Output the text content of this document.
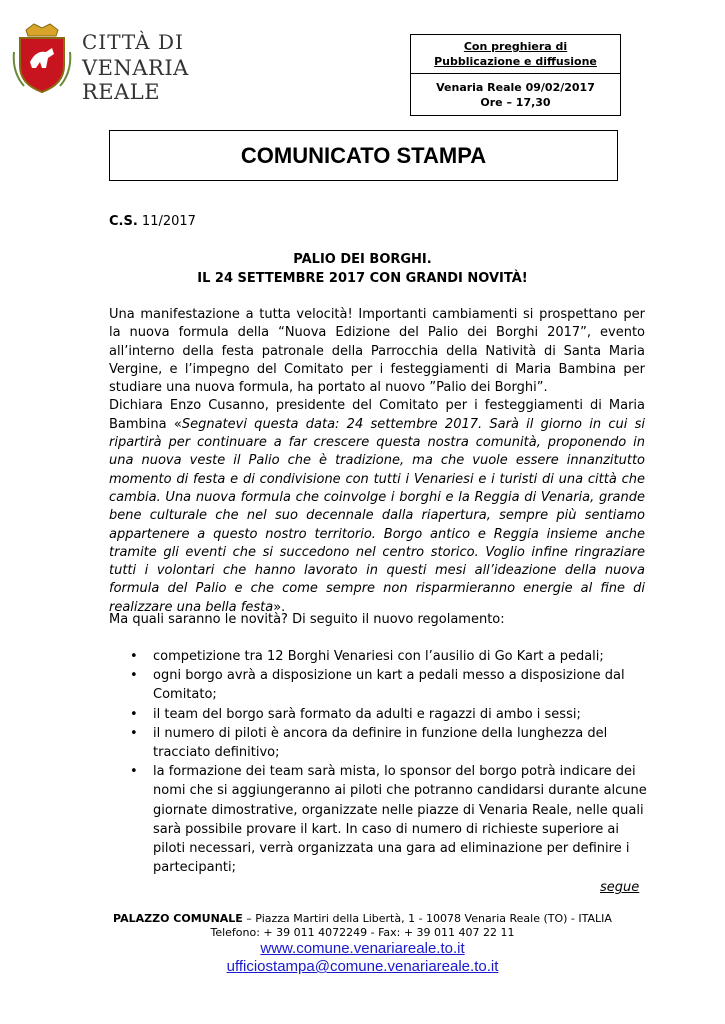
CITTÀ DI
VENARIA REALE
Con preghiera di
Pubblicazione e diffusione
Venaria Reale 09/02/2017
Ore – 17,30
COMUNICATO STAMPA
C.S. 11/2017
PALIO DEI BORGHI.
IL 24 SETTEMBRE 2017 CON GRANDI NOVITÀ!

Una manifestazione a tutta velocità! Importanti cambiamenti si prospettano per la nuova formula della “Nuova Edizione del Palio dei Borghi 2017”, evento all’interno della festa patronale della Parrocchia della Natività di Santa Maria Vergine, e l’impegno del Comitato per i festeggiamenti di Maria Bambina per studiare una nuova formula, ha portato al nuovo ”Palio dei Borghi”.

Dichiara Enzo Cusanno, presidente del Comitato per i festeggiamenti di Maria Bambina «Segnatevi questa data: 24 settembre 2017. Sarà il giorno in cui si ripartirà per continuare a far crescere questa nostra comunità, proponendo in una nuova veste il Palio che è tradizione, ma che vuole essere innanzitutto momento di festa e di condivisione con tutti i Venariesi e i turisti di una città che cambia. Una nuova formula che coinvolge i borghi e la Reggia di Venaria, grande bene culturale che nel suo decennale dalla riapertura, sempre più sentiamo appartenere a questo nostro territorio. Borgo antico e Reggia insieme anche tramite gli eventi che si succedono nel centro storico. Voglio infine ringraziare tutti i volontari che hanno lavorato in questi mesi all’ideazione della nuova formula del Palio e che come sempre non risparmieranno energie al fine di realizzare una bella festa».

Ma quali saranno le novità? Di seguito il nuovo regolamento:
• competizione tra 12 Borghi Venariesi con l’ausilio di Go Kart a pedali;
• ogni borgo avrà a disposizione un kart a pedali messo a disposizione dal Comitato;
• il team del borgo sarà formato da adulti e ragazzi di ambo i sessi;
• il numero di piloti è ancora da definire in funzione della lunghezza del tracciato definitivo;
• la formazione dei team sarà mista, lo sponsor del borgo potrà indicare dei nomi che si aggiungeranno ai piloti che potranno candidarsi durante alcune giornate dimostrative, organizzate nelle piazze di Venaria Reale, nelle quali sarà possibile provare il kart. In caso di numero di richieste superiore ai piloti necessari, verrà organizzata una gara ad eliminazione per definire i partecipanti;
segue
PALAZZO COMUNALE – Piazza Martiri della Libertà, 1 - 10078 Venaria Reale (TO) - ITALIA
Telefono: + 39 011 4072249 - Fax: + 39 011 407 22 11
www.comune.venariareale.to.it
ufficiostampa@comune.venariareale.to.it
